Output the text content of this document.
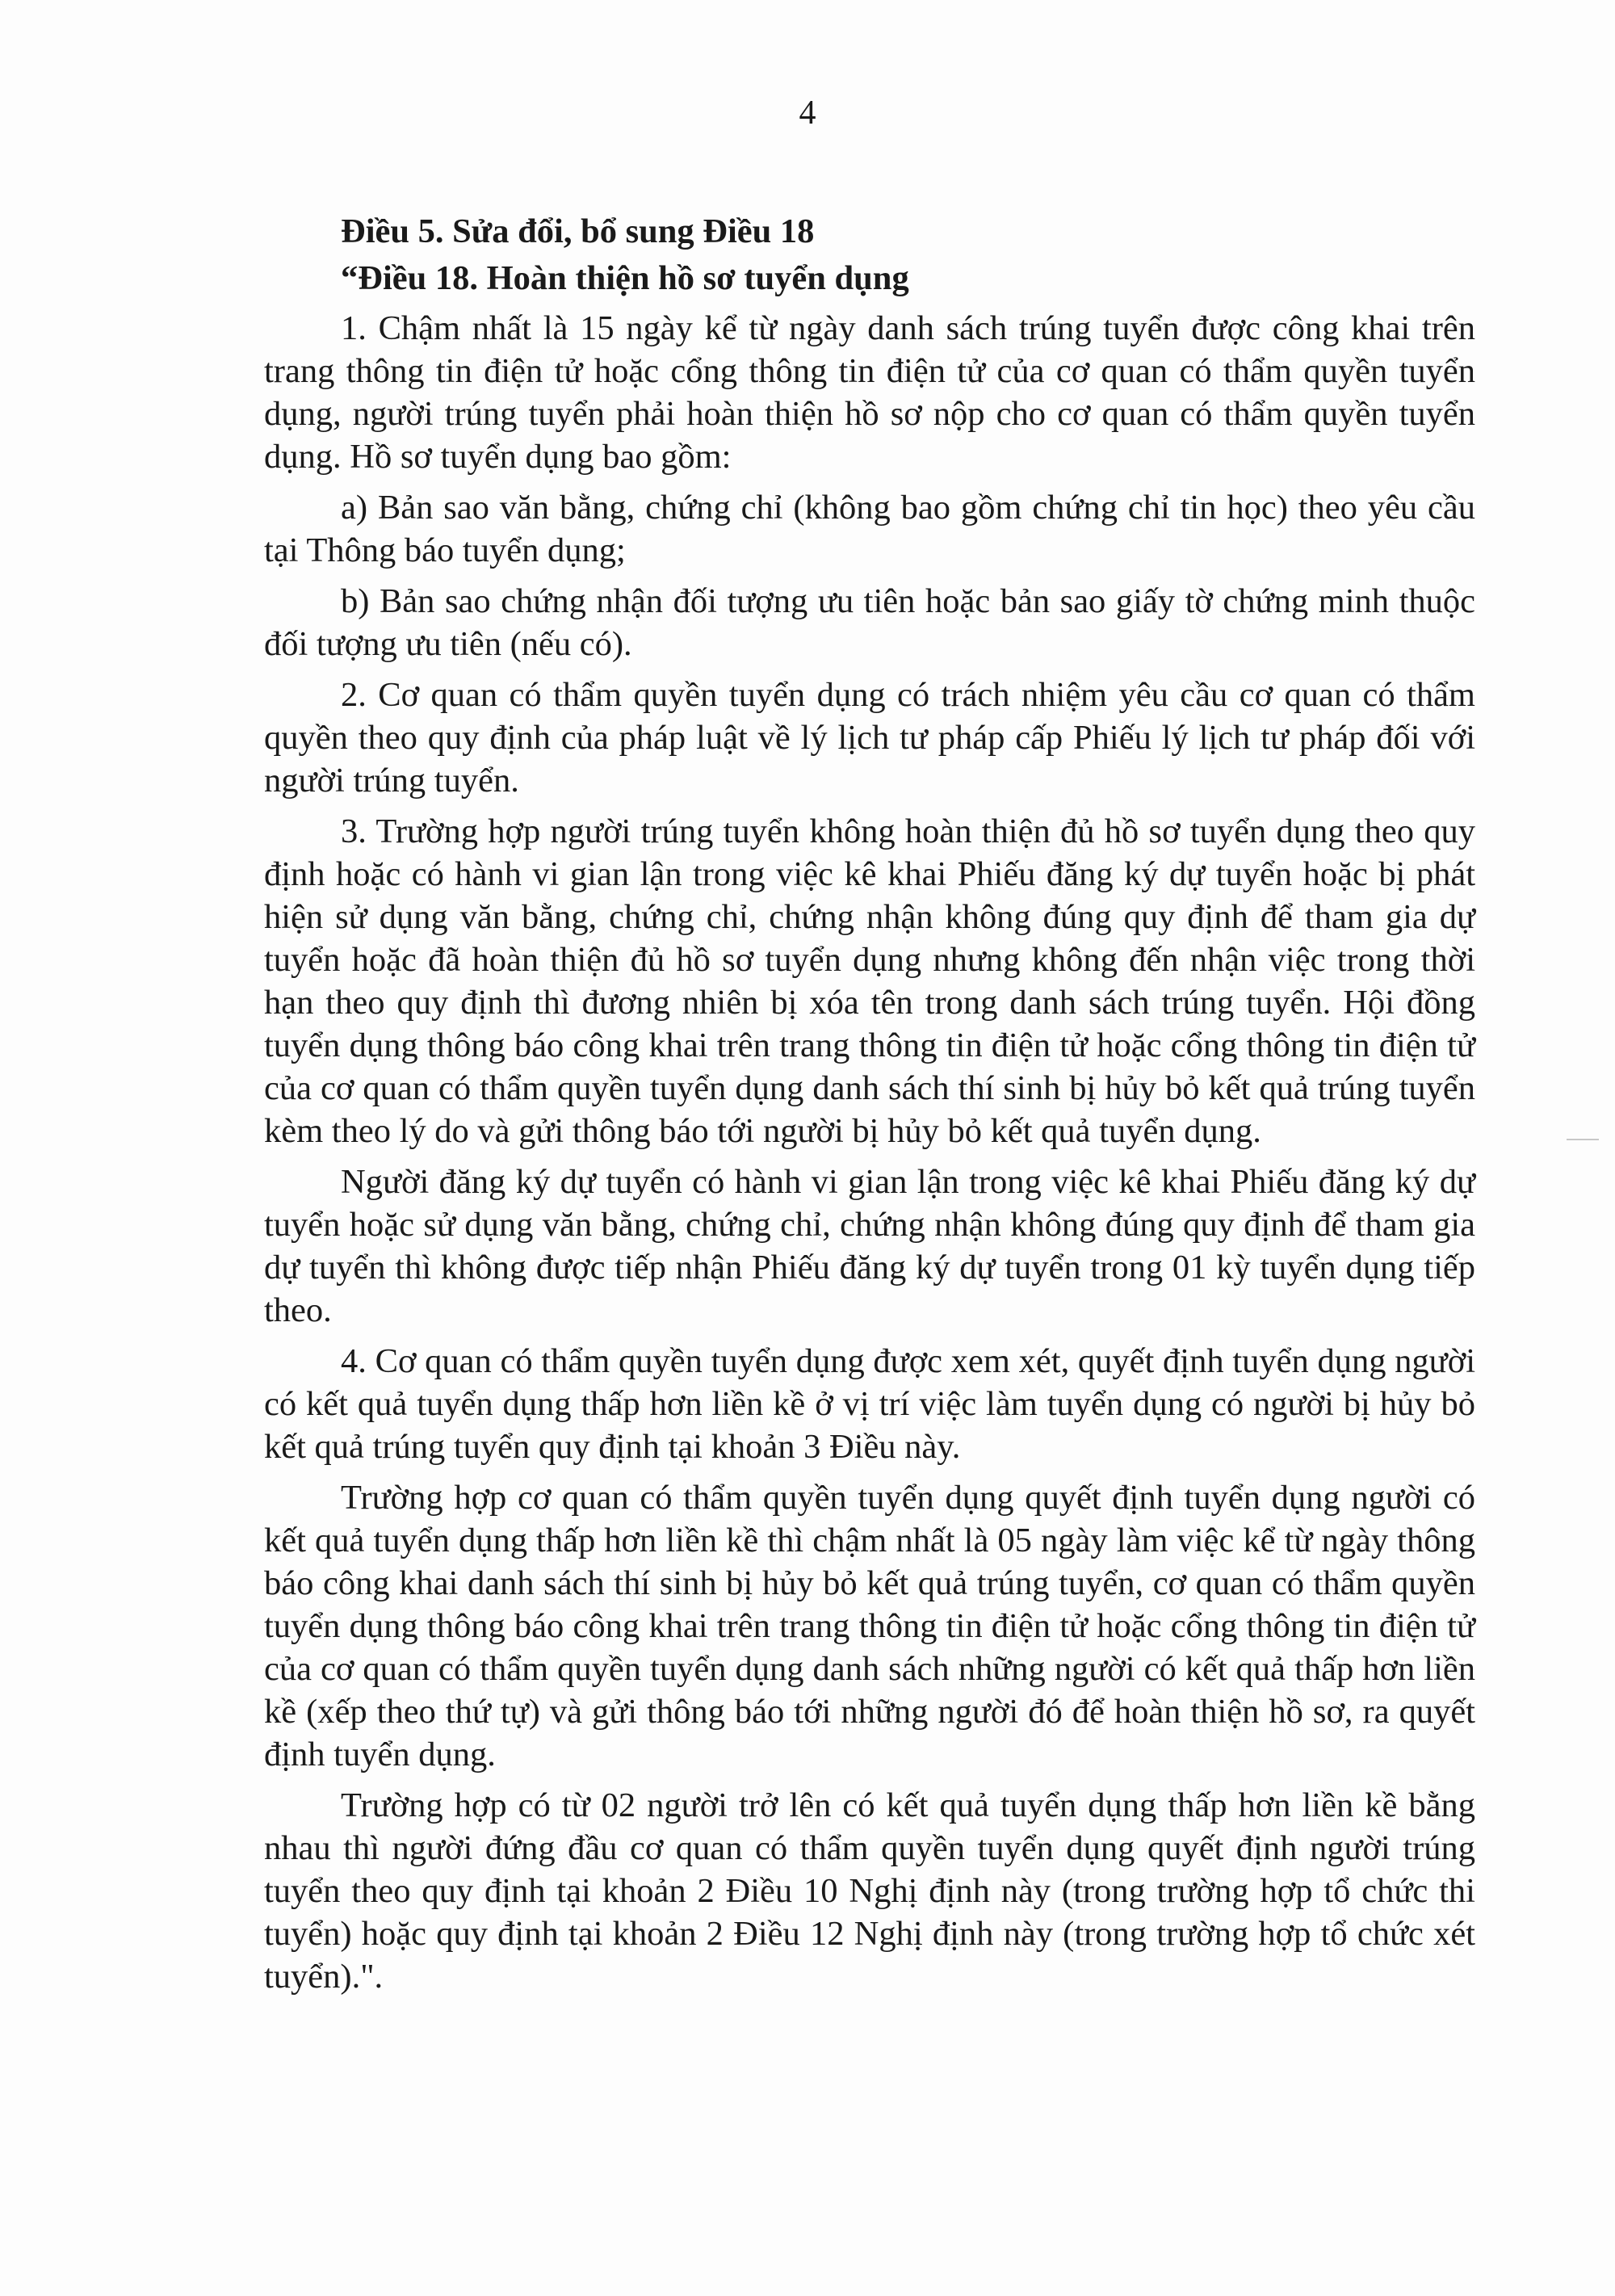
4

Điều 5. Sửa đổi, bổ sung Điều 18

“Điều 18. Hoàn thiện hồ sơ tuyển dụng

1. Chậm nhất là 15 ngày kể từ ngày danh sách trúng tuyển được công khai trên trang thông tin điện tử hoặc cổng thông tin điện tử của cơ quan có thẩm quyền tuyển dụng, người trúng tuyển phải hoàn thiện hồ sơ nộp cho cơ quan có thẩm quyền tuyển dụng. Hồ sơ tuyển dụng bao gồm:

a) Bản sao văn bằng, chứng chỉ (không bao gồm chứng chỉ tin học) theo yêu cầu tại Thông báo tuyển dụng;

b) Bản sao chứng nhận đối tượng ưu tiên hoặc bản sao giấy tờ chứng minh thuộc đối tượng ưu tiên (nếu có).

2. Cơ quan có thẩm quyền tuyển dụng có trách nhiệm yêu cầu cơ quan có thẩm quyền theo quy định của pháp luật về lý lịch tư pháp cấp Phiếu lý lịch tư pháp đối với người trúng tuyển.

3. Trường hợp người trúng tuyển không hoàn thiện đủ hồ sơ tuyển dụng theo quy định hoặc có hành vi gian lận trong việc kê khai Phiếu đăng ký dự tuyển hoặc bị phát hiện sử dụng văn bằng, chứng chỉ, chứng nhận không đúng quy định để tham gia dự tuyển hoặc đã hoàn thiện đủ hồ sơ tuyển dụng nhưng không đến nhận việc trong thời hạn theo quy định thì đương nhiên bị xóa tên trong danh sách trúng tuyển. Hội đồng tuyển dụng thông báo công khai trên trang thông tin điện tử hoặc cổng thông tin điện tử của cơ quan có thẩm quyền tuyển dụng danh sách thí sinh bị hủy bỏ kết quả trúng tuyển kèm theo lý do và gửi thông báo tới người bị hủy bỏ kết quả tuyển dụng.

Người đăng ký dự tuyển có hành vi gian lận trong việc kê khai Phiếu đăng ký dự tuyển hoặc sử dụng văn bằng, chứng chỉ, chứng nhận không đúng quy định để tham gia dự tuyển thì không được tiếp nhận Phiếu đăng ký dự tuyển trong 01 kỳ tuyển dụng tiếp theo.

4. Cơ quan có thẩm quyền tuyển dụng được xem xét, quyết định tuyển dụng người có kết quả tuyển dụng thấp hơn liền kề ở vị trí việc làm tuyển dụng có người bị hủy bỏ kết quả trúng tuyển quy định tại khoản 3 Điều này.

Trường hợp cơ quan có thẩm quyền tuyển dụng quyết định tuyển dụng người có kết quả tuyển dụng thấp hơn liền kề thì chậm nhất là 05 ngày làm việc kể từ ngày thông báo công khai danh sách thí sinh bị hủy bỏ kết quả trúng tuyển, cơ quan có thẩm quyền tuyển dụng thông báo công khai trên trang thông tin điện tử hoặc cổng thông tin điện tử của cơ quan có thẩm quyền tuyển dụng danh sách những người có kết quả thấp hơn liền kề (xếp theo thứ tự) và gửi thông báo tới những người đó để hoàn thiện hồ sơ, ra quyết định tuyển dụng.

Trường hợp có từ 02 người trở lên có kết quả tuyển dụng thấp hơn liền kề bằng nhau thì người đứng đầu cơ quan có thẩm quyền tuyển dụng quyết định người trúng tuyển theo quy định tại khoản 2 Điều 10 Nghị định này (trong trường hợp tổ chức thi tuyển) hoặc quy định tại khoản 2 Điều 12 Nghị định này (trong trường hợp tổ chức xét tuyển).".
